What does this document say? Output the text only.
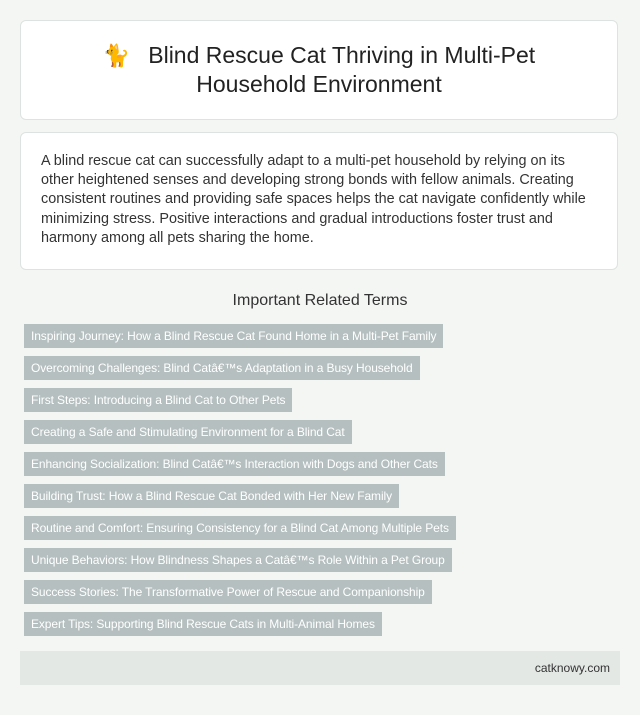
🐈 Blind Rescue Cat Thriving in Multi-Pet Household Environment

A blind rescue cat can successfully adapt to a multi-pet household by relying on its other heightened senses and developing strong bonds with fellow animals. Creating consistent routines and providing safe spaces helps the cat navigate confidently while minimizing stress. Positive interactions and gradual introductions foster trust and harmony among all pets sharing the home.

Important Related Terms
Inspiring Journey: How a Blind Rescue Cat Found Home in a Multi-Pet Family
Overcoming Challenges: Blind Catâ€™s Adaptation in a Busy Household
First Steps: Introducing a Blind Cat to Other Pets
Creating a Safe and Stimulating Environment for a Blind Cat
Enhancing Socialization: Blind Catâ€™s Interaction with Dogs and Other Cats
Building Trust: How a Blind Rescue Cat Bonded with Her New Family
Routine and Comfort: Ensuring Consistency for a Blind Cat Among Multiple Pets
Unique Behaviors: How Blindness Shapes a Catâ€™s Role Within a Pet Group
Success Stories: The Transformative Power of Rescue and Companionship
Expert Tips: Supporting Blind Rescue Cats in Multi-Animal Homes
catknowy.com
